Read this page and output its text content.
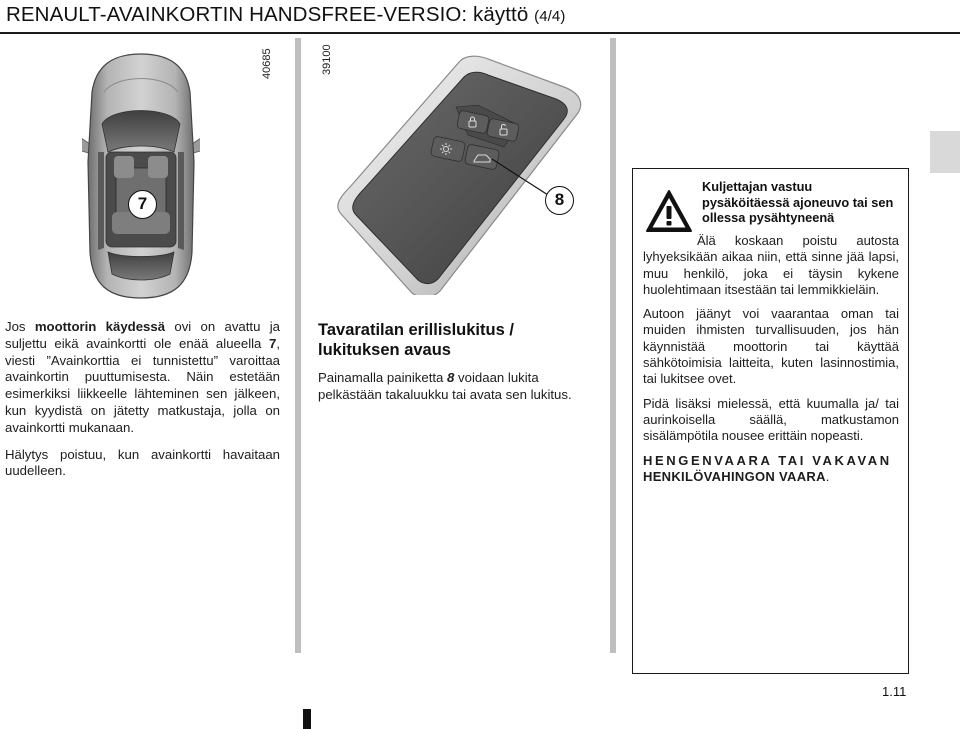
RENAULT-AVAINKORTIN HANDSFREE-VERSIO: käyttö (4/4)
7
40685
8
39100

Jos moottorin käydessä ovi on avattu ja suljettu eikä avainkortti ole enää alueella 7, viesti ”Avainkorttia ei tunnistettu” varoittaa avainkortin puuttumisesta. Näin estetään esimerkiksi liikkeelle lähteminen sen jälkeen, kun kyydistä on jätetty matkustaja, jolla on avainkortti mukanaan.

Hälytys poistuu, kun avainkortti havaitaan uudelleen.

Tavaratilan erillislukitus / lukituksen avaus

Painamalla painiketta 8 voidaan lukita pelkästään takaluukku tai avata sen lukitus.

Kuljettajan vastuu pysäköitäessä ajoneuvo tai sen ollessa pysähtyneenä

Älä koskaan poistu autosta lyhyeksikään aikaa niin, että sinne jää lapsi, muu henkilö, joka ei täysin kykene huolehtimaan itsestään tai lemmikkieläin.

Autoon jäänyt voi vaarantaa oman tai muiden ihmisten turvallisuuden, jos hän käynnistää moottorin tai käyttää sähkötoimisia laitteita, kuten lasinnostimia, tai lukitsee ovet.

Pidä lisäksi mielessä, että kuumalla ja/ tai aurinkoisella säällä, matkustamon sisälämpötila nousee erittäin nopeasti.

HENGENVAARA TAI VAKAVAN
HENKILÖVAHINGON VAARA.

1.11
